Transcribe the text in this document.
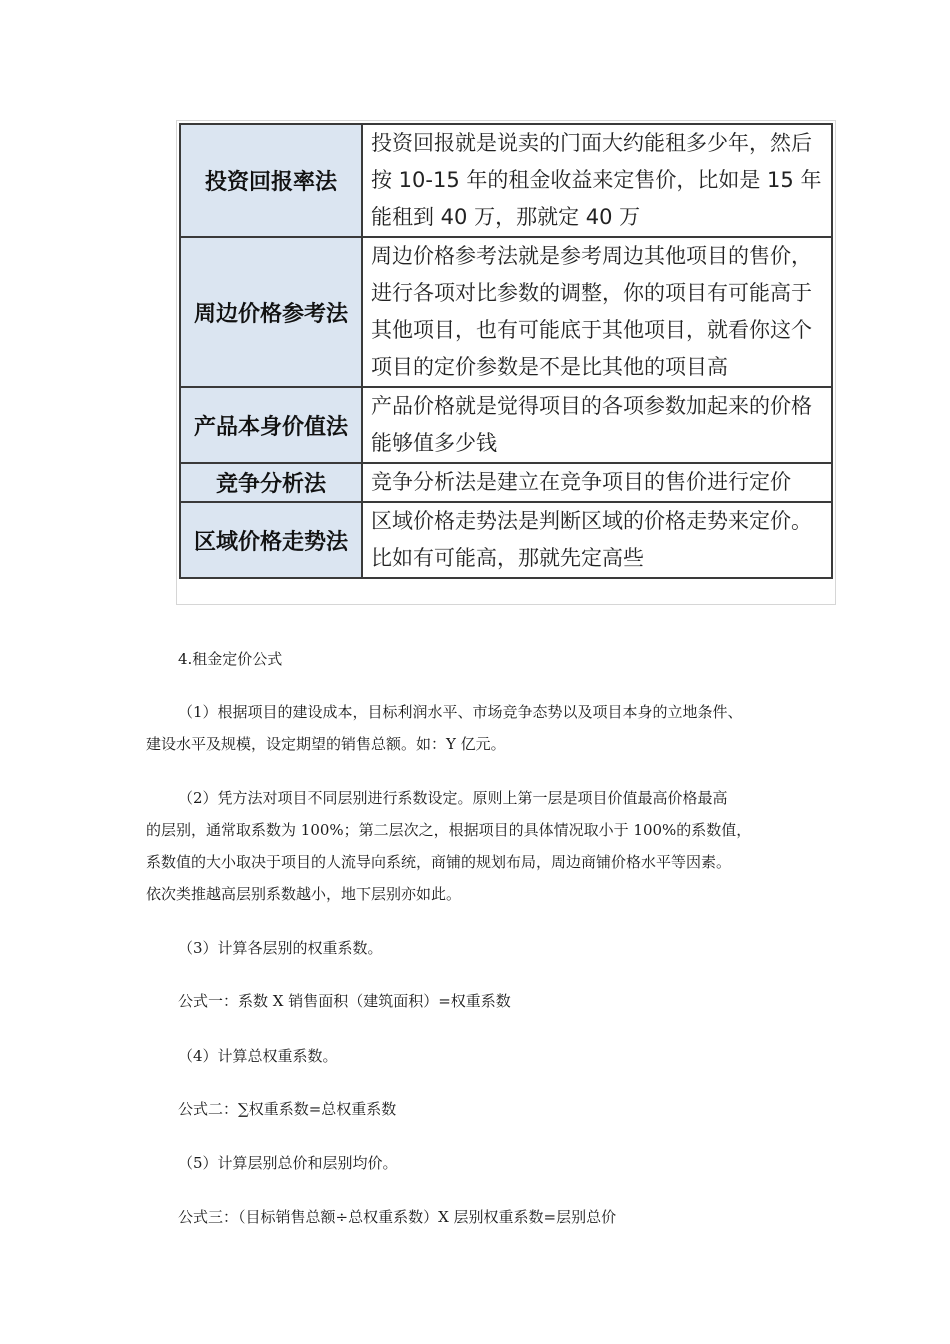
投资回报率法	投资回报就是说卖的门面大约能租多少年，然后
按 10-15 年的租金收益来定售价，比如是 15 年
能租到 40 万，那就定 40 万

周边价格参考法	周边价格参考法就是参考周边其他项目的售价，
进行各项对比参数的调整，你的项目有可能高于
其他项目，也有可能底于其他项目，就看你这个
项目的定价参数是不是比其他的项目高

产品本身价值法	产品价格就是觉得项目的各项参数加起来的价格
能够值多少钱

竞争分析法	竞争分析法是建立在竞争项目的售价进行定价

区域价格走势法	区域价格走势法是判断区域的价格走势来定价。
比如有可能高，那就先定高些
4.租金定价公式
（1）根据项目的建设成本，目标利润水平、市场竞争态势以及项目本身的立地条件、
建设水平及规模，设定期望的销售总额。如：Y 亿元。
（2）凭方法对项目不同层别进行系数设定。原则上第一层是项目价值最高价格最高
的层别，通常取系数为 100%；第二层次之，根据项目的具体情况取小于 100%的系数值，
系数值的大小取决于项目的人流导向系统，商铺的规划布局，周边商铺价格水平等因素。
依次类推越高层别系数越小，地下层别亦如此。
（3）计算各层别的权重系数。
公式一：系数 X 销售面积（建筑面积）=权重系数
（4）计算总权重系数。
公式二：∑权重系数=总权重系数
（5）计算层别总价和层别均价。
公式三：（目标销售总额÷总权重系数）X 层别权重系数=层别总价
